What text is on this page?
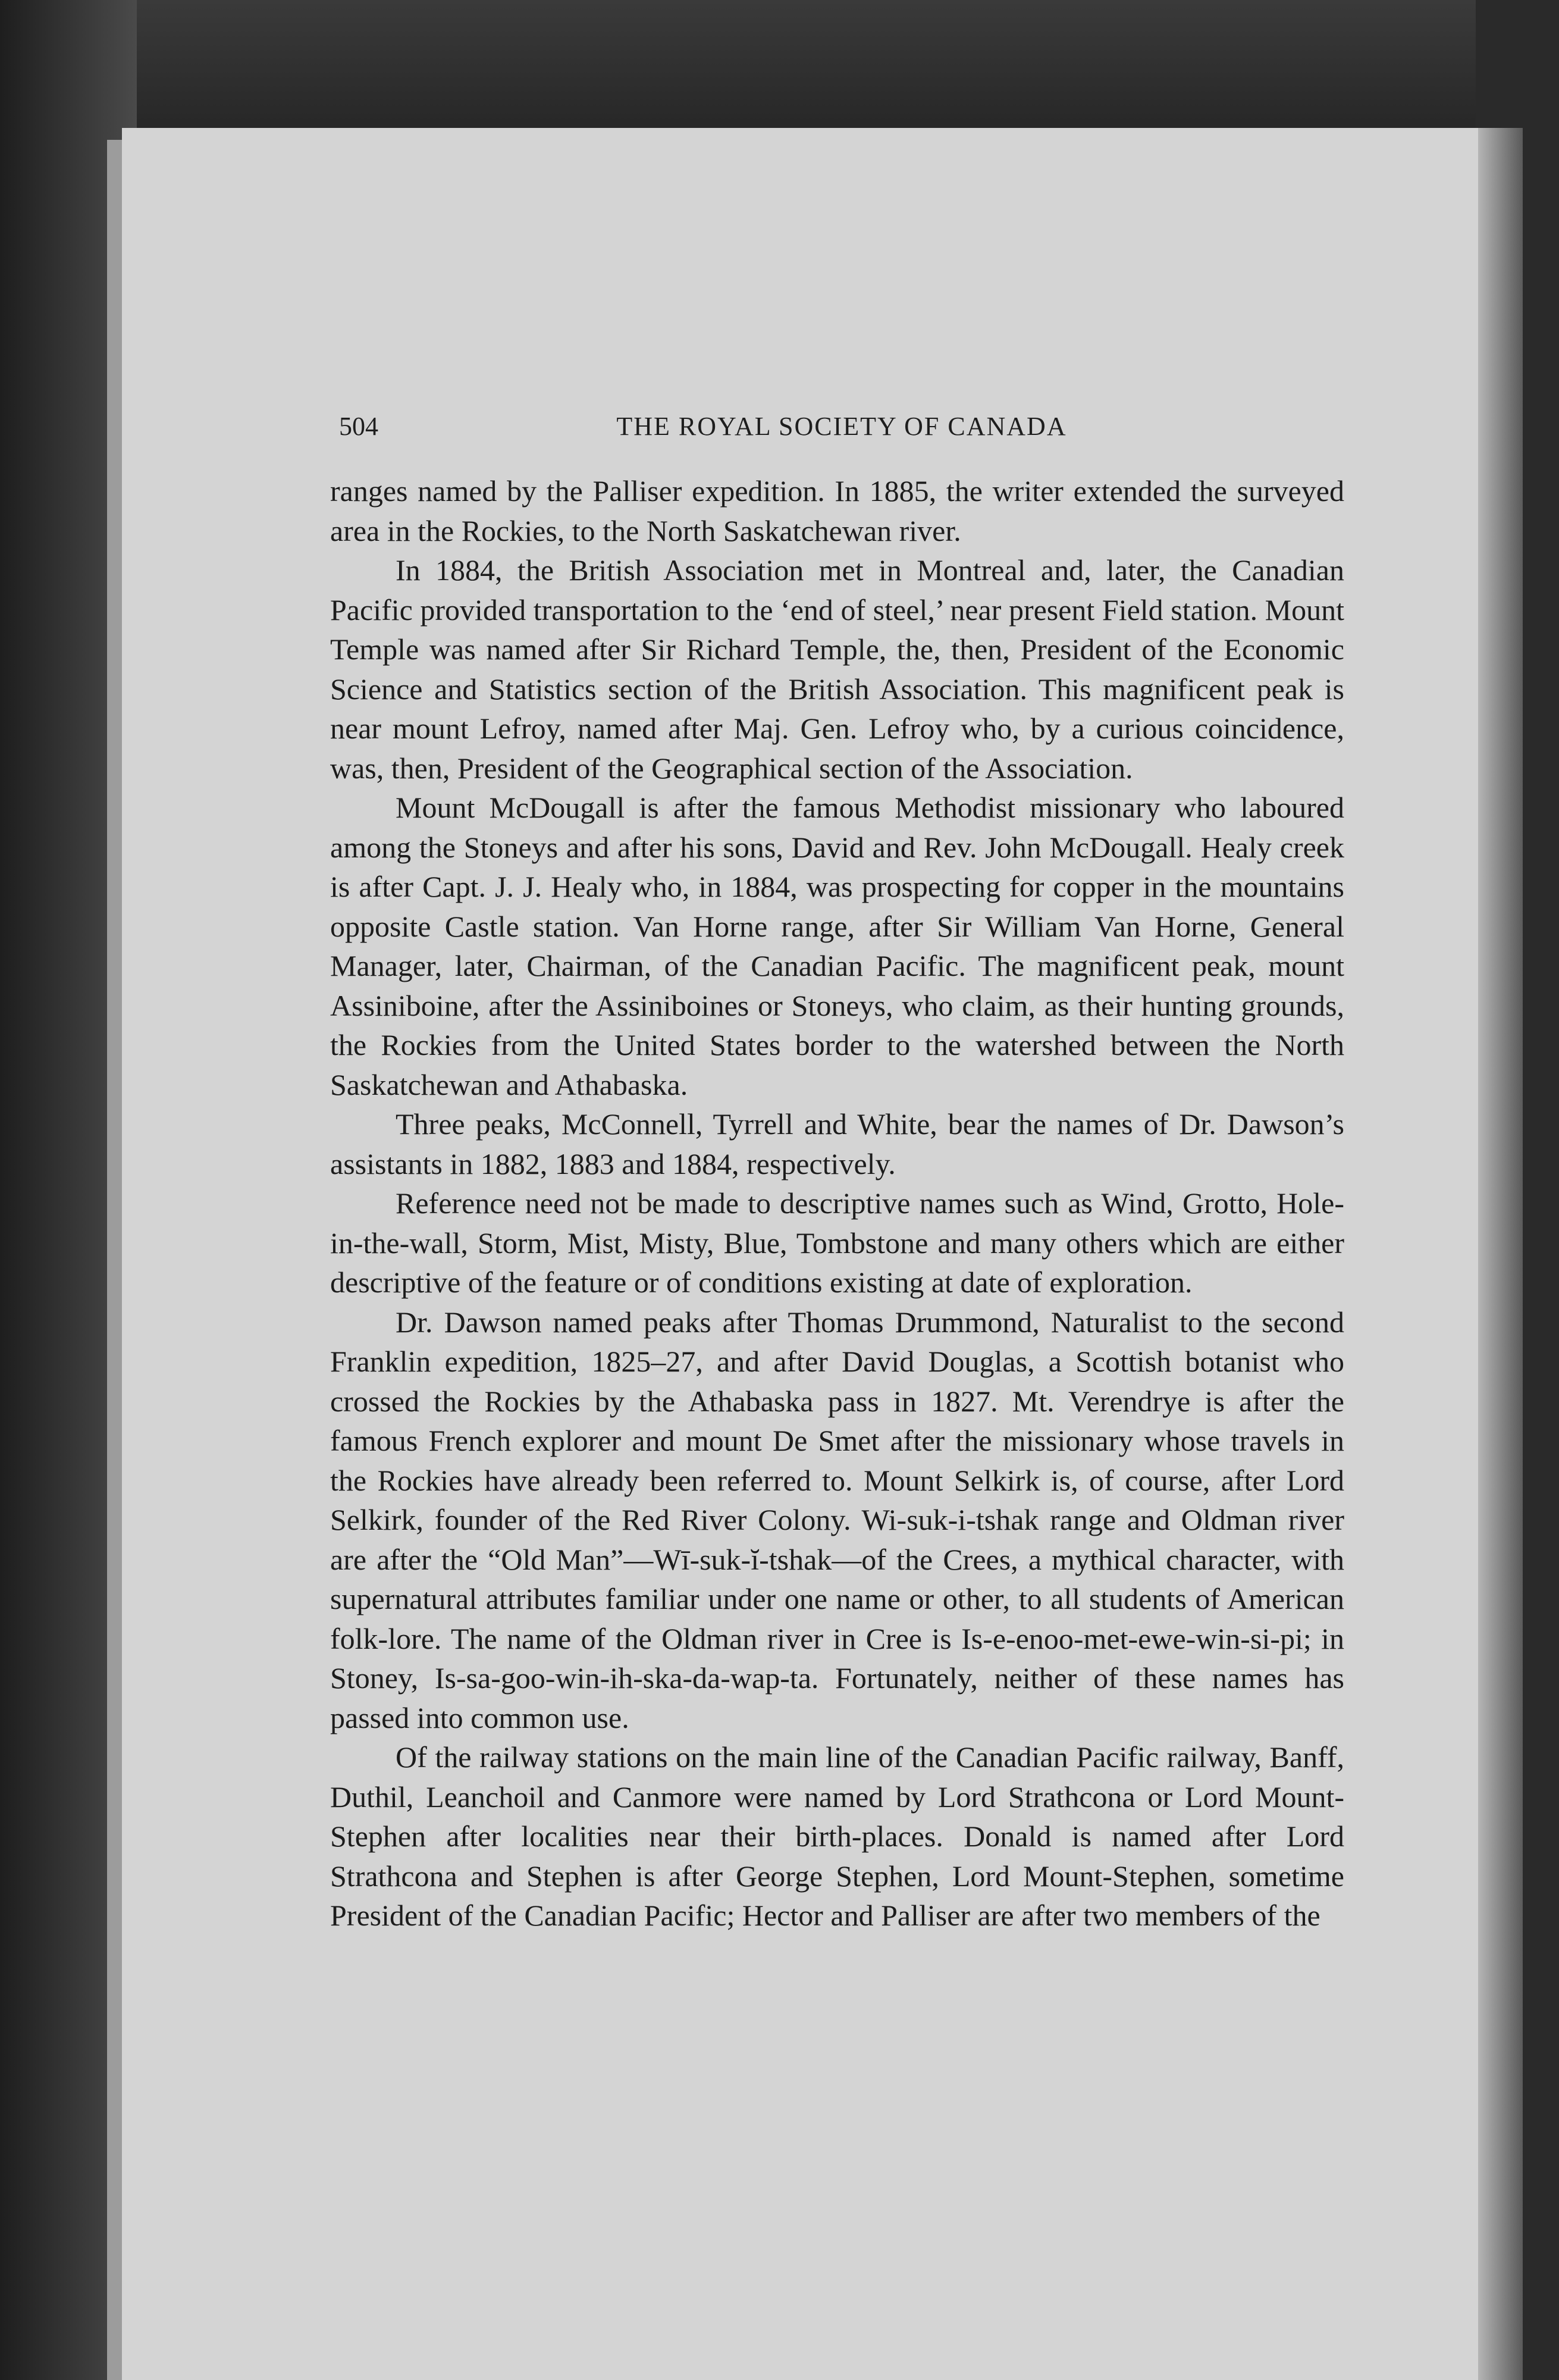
504	THE ROYAL SOCIETY OF CANADA

ranges named by the Palliser expedition. In 1885, the writer extended the surveyed area in the Rockies, to the North Saskatchewan river.

In 1884, the British Association met in Montreal and, later, the Canadian Pacific provided transportation to the ‘end of steel,’ near present Field station. Mount Temple was named after Sir Richard Temple, the, then, President of the Economic Science and Statistics section of the British Association. This magnificent peak is near mount Lefroy, named after Maj. Gen. Lefroy who, by a curious coincidence, was, then, President of the Geographical section of the Association.

Mount McDougall is after the famous Methodist missionary who laboured among the Stoneys and after his sons, David and Rev. John McDougall. Healy creek is after Capt. J. J. Healy who, in 1884, was prospecting for copper in the mountains opposite Castle station. Van Horne range, after Sir William Van Horne, General Manager, later, Chairman, of the Canadian Pacific. The magnificent peak, mount Assiniboine, after the Assiniboines or Stoneys, who claim, as their hunting grounds, the Rockies from the United States border to the watershed between the North Saskatchewan and Athabaska.

Three peaks, McConnell, Tyrrell and White, bear the names of Dr. Dawson’s assistants in 1882, 1883 and 1884, respectively.

Reference need not be made to descriptive names such as Wind, Grotto, Hole-in-the-wall, Storm, Mist, Misty, Blue, Tombstone and many others which are either descriptive of the feature or of conditions existing at date of exploration.

Dr. Dawson named peaks after Thomas Drummond, Naturalist to the second Franklin expedition, 1825–27, and after David Douglas, a Scottish botanist who crossed the Rockies by the Athabaska pass in 1827. Mt. Verendrye is after the famous French explorer and mount De Smet after the missionary whose travels in the Rockies have already been referred to. Mount Selkirk is, of course, after Lord Selkirk, founder of the Red River Colony. Wi-suk-i-tshak range and Oldman river are after the “Old Man”—Wī-suk-ĭ-tshak—of the Crees, a mythical character, with supernatural attributes familiar under one name or other, to all students of American folk-lore. The name of the Oldman river in Cree is Is-e-enoo-met-ewe-win-si-pi; in Stoney, Is-sa-goo-win-ih-ska-da-wap-ta. Fortunately, neither of these names has passed into common use.

Of the railway stations on the main line of the Canadian Pacific railway, Banff, Duthil, Leanchoil and Canmore were named by Lord Strathcona or Lord Mount-Stephen after localities near their birth-places. Donald is named after Lord Strathcona and Stephen is after George Stephen, Lord Mount-Stephen, sometime President of the Canadian Pacific; Hector and Palliser are after two members of the
